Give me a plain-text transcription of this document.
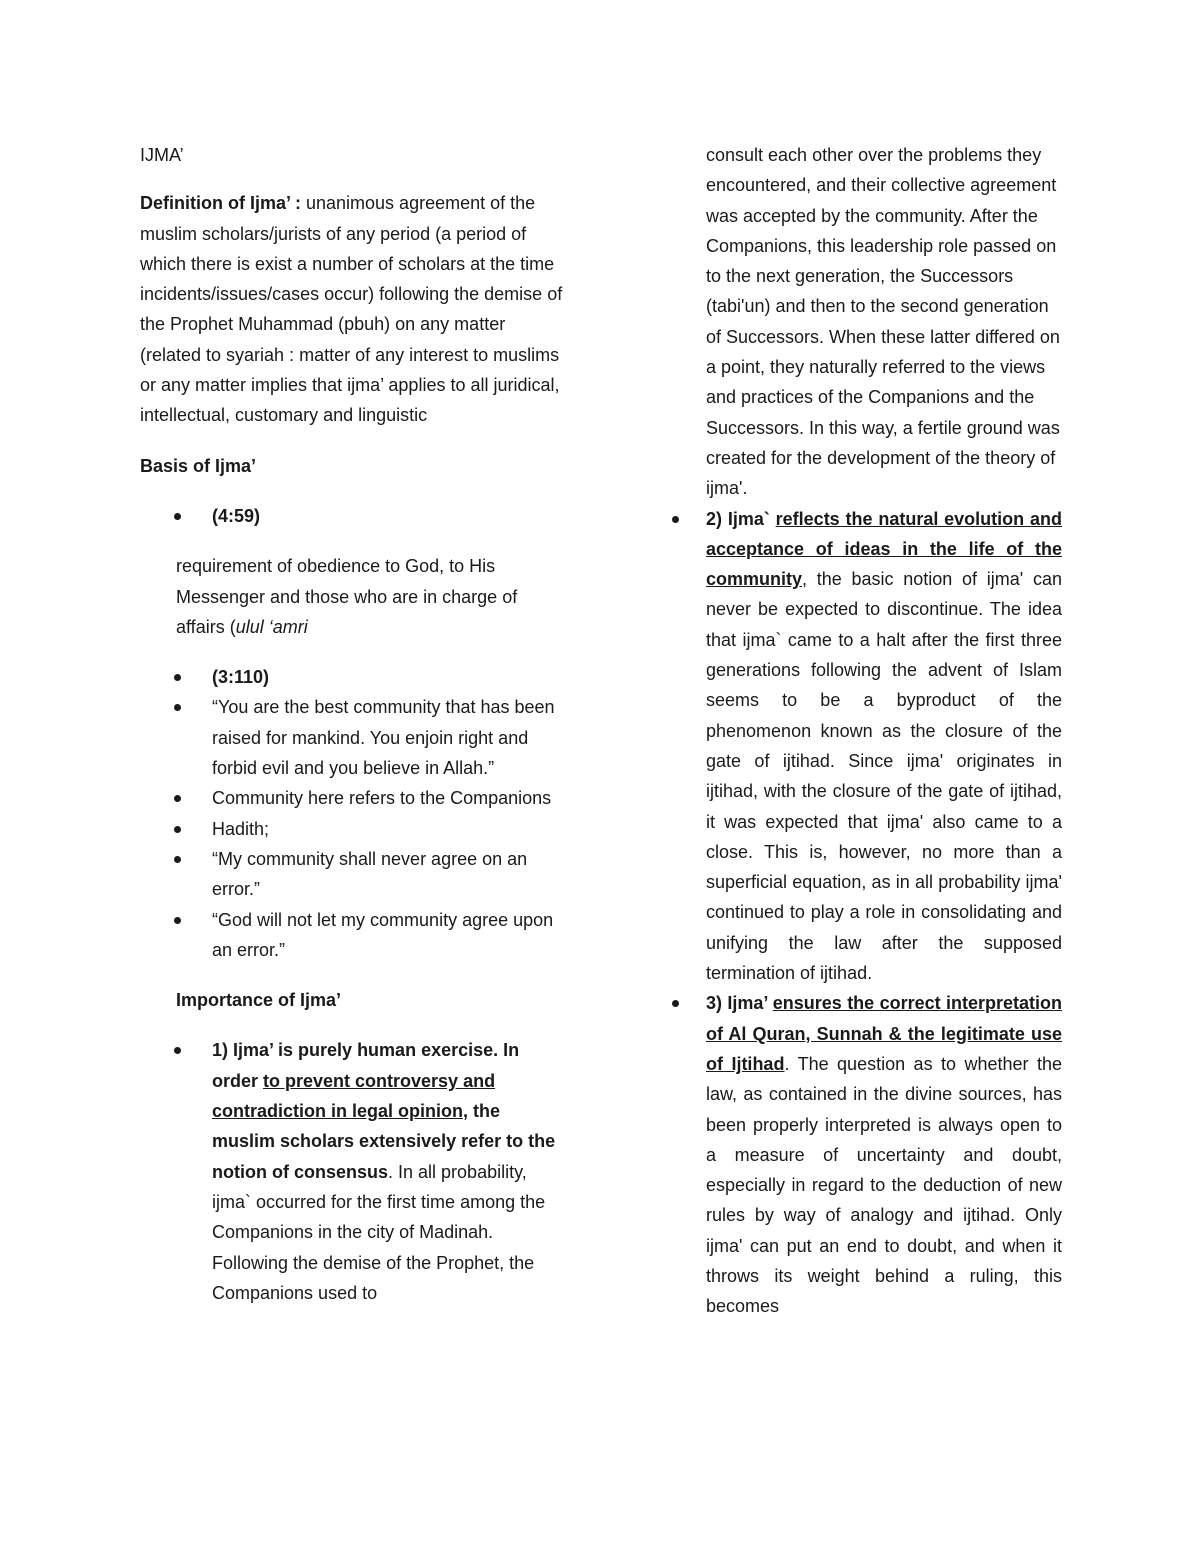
IJMA’

Definition of Ijma’ : unanimous agreement of the muslim scholars/jurists of any period (a period of which there is exist a number of scholars at the time incidents/issues/cases occur) following the demise of the Prophet Muhammad (pbuh) on any matter (related to syariah : matter of any interest to muslims or any matter implies that ijma’ applies to all juridical, intellectual, customary and linguistic

Basis of Ijma’

(4:59)

requirement of obedience to God, to His Messenger and those who are in charge of affairs (ulul ‘amri

(3:110)
“You are the best community that has been raised for mankind. You enjoin right and forbid evil and you believe in Allah.”
Community here refers to the Companions
Hadith;
“My community shall never agree on an error.”
“God will not let my community agree upon an error.”

Importance of Ijma’

1) Ijma’ is purely human exercise. In order to prevent controversy and contradiction in legal opinion, the muslim scholars extensively refer to the notion of consensus. In all probability, ijma` occurred for the first time among the Companions in the city of Madinah. Following the demise of the Prophet, the Companions used to

consult each other over the problems they encountered, and their collective agreement was accepted by the community. After the Companions, this leadership role passed on to the next generation, the Successors (tabi'un) and then to the second generation of Successors. When these latter differed on a point, they naturally referred to the views and practices of the Companions and the Successors. In this way, a fertile ground was created for the development of the theory of ijma'.

2) Ijma` reflects the natural evolution and acceptance of ideas in the life of the community, the basic notion of ijma' can never be expected to discontinue. The idea that ijma` came to a halt after the first three generations following the advent of Islam seems to be a byproduct of the phenomenon known as the closure of the gate of ijtihad. Since ijma' originates in ijtihad, with the closure of the gate of ijtihad, it was expected that ijma' also came to a close. This is, however, no more than a superficial equation, as in all probability ijma' continued to play a role in consolidating and unifying the law after the supposed termination of ijtihad.
3) Ijma’ ensures the correct interpretation of Al Quran, Sunnah & the legitimate use of Ijtihad. The question as to whether the law, as contained in the divine sources, has been properly interpreted is always open to a measure of uncertainty and doubt, especially in regard to the deduction of new rules by way of analogy and ijtihad. Only ijma' can put an end to doubt, and when it throws its weight behind a ruling, this becomes
